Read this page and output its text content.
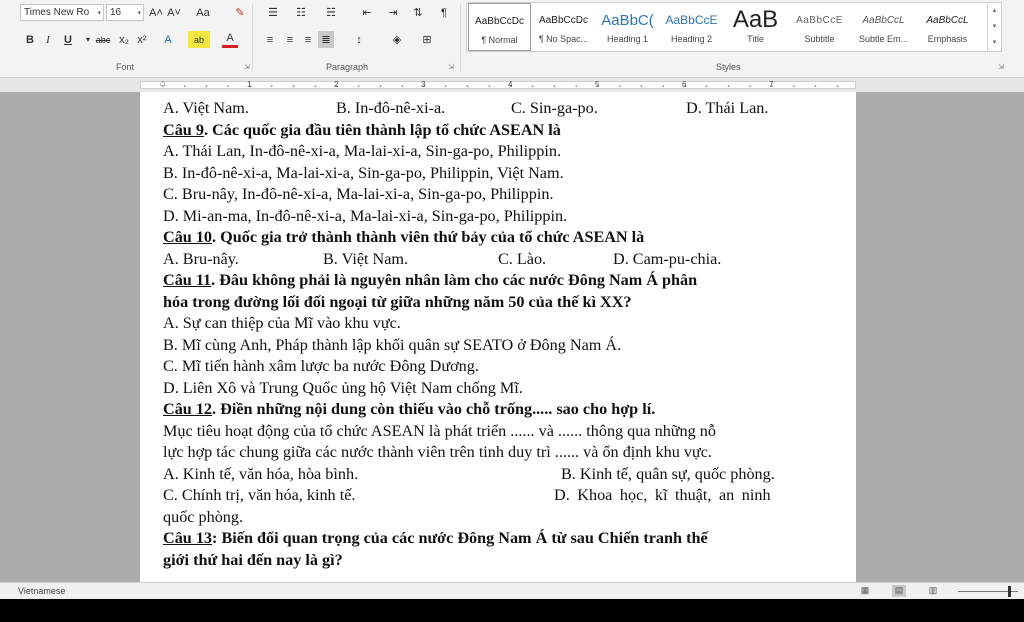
Times New Ro ▾ 16 ▾ A˄ A˅	Aa	✎
B	I	U	▾ abc x₂ x²	A	ab	A
Font	⇲
☰	☷	☵	⇤	⇥	⇅	¶
≡	≡	≡ ≣	↕	◈	⊞
Paragraph	⇲
AaBbCcDc
¶ Normal
AaBbCcDc
¶ No Spac...
AaBbC(
Heading 1
AaBbCcE
Heading 2
AaB
Title
AaBbCcE
Subtitle
AaBbCcL
Subtle Em...
AaBbCcL
Emphasis
▴
▾
▾
Styles	⇲
1	2	3	4	5	6	7
⌂
A. Việt Nam.	B. In-đô-nê-xi-a.	C. Sin-ga-po.	D. Thái Lan.
Câu 9. Các quốc gia đầu tiên thành lập tổ chức ASEAN là
A. Thái Lan, In-đô-nê-xi-a, Ma-lai-xi-a, Sin-ga-po, Philippin.
B. In-đô-nê-xi-a, Ma-lai-xi-a, Sin-ga-po, Philippin, Việt Nam.
C. Bru-nây, In-đô-nê-xi-a, Ma-lai-xi-a, Sin-ga-po, Philippin.
D. Mi-an-ma, In-đô-nê-xi-a, Ma-lai-xi-a, Sin-ga-po, Philippin.
Câu 10. Quốc gia trở thành thành viên thứ bảy của tổ chức ASEAN là
A. Bru-nây.	B. Việt Nam.	C. Lào.	D. Cam-pu-chia.
Câu 11. Đâu không phải là nguyên nhân làm cho các nước Đông Nam Á phân
hóa trong đường lối đối ngoại từ giữa những năm 50 của thế kì XX?
A. Sự can thiệp của Mĩ vào khu vực.
B. Mĩ cùng Anh, Pháp thành lập khối quân sự SEATO ở Đông Nam Á.
C. Mĩ tiến hành xâm lược ba nước Đông Dương.
D. Liên Xô và Trung Quốc ủng hộ Việt Nam chống Mĩ.
Câu 12. Điền những nội dung còn thiếu vào chỗ trống..... sao cho hợp lí.
Mục tiêu hoạt động của tổ chức ASEAN là phát triển ...... và ...... thông qua những nỗ
lực hợp tác chung giữa các nước thành viên trên tinh duy trì ...... và ổn định khu vực.
A. Kinh tế, văn hóa, hòa bình.	B. Kinh tế, quân sự, quốc phòng.
C. Chính trị, văn hóa, kinh tế.	D. Khoa học, kĩ thuật, an ninh
quốc phòng.
Câu 13: Biến đổi quan trọng của các nước Đông Nam Á từ sau Chiến tranh thế
giới thứ hai đến nay là gì?
Vietnamese	▦	▤	▥
